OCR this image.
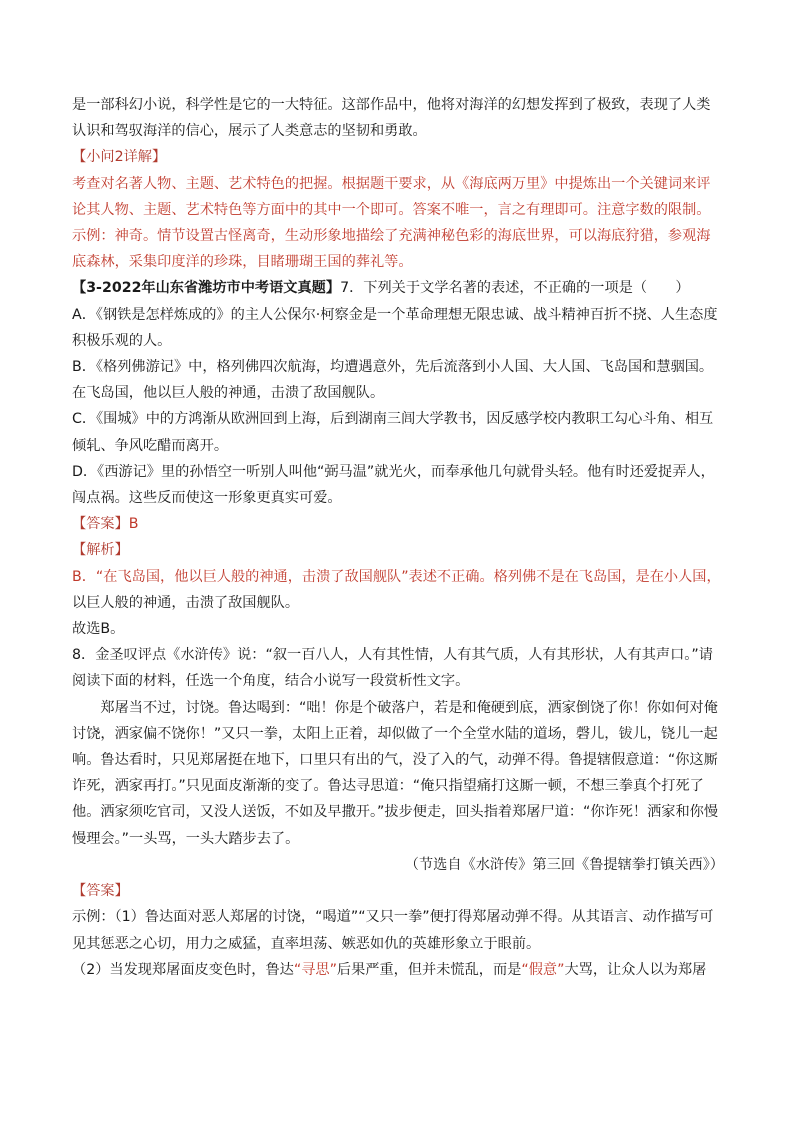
是一部科幻小说，科学性是它的一大特征。这部作品中，他将对海洋的幻想发挥到了极致，表现了人类认识和驾驭海洋的信心，展示了人类意志的坚韧和勇敢。

【小问2详解】

考查对名著人物、主题、艺术特色的把握。根据题干要求，从《海底两万里》中提炼出一个关键词来评论其人物、主题、艺术特色等方面中的其中一个即可。答案不唯一，言之有理即可。注意字数的限制。

示例：神奇。情节设置古怪离奇，生动形象地描绘了充满神秘色彩的海底世界，可以海底狩猎，参观海底森林，采集印度洋的珍珠，目睹珊瑚王国的葬礼等。

【3-2022年山东省潍坊市中考语文真题】7．下列关于文学名著的表述，不正确的一项是（　　）

A．《钢铁是怎样炼成的》的主人公保尔·柯察金是一个革命理想无限忠诚、战斗精神百折不挠、人生态度积极乐观的人。

B．《格列佛游记》中，格列佛四次航海，均遭遇意外，先后流落到小人国、大人国、飞岛国和慧骃国。在飞岛国，他以巨人般的神通，击溃了敌国舰队。

C．《围城》中的方鸿渐从欧洲回到上海，后到湖南三闾大学教书，因反感学校内教职工勾心斗角、相互倾轧、争风吃醋而离开。

D．《西游记》里的孙悟空一听别人叫他“弼马温”就光火，而奉承他几句就骨头轻。他有时还爱捉弄人，闯点祸。这些反而使这一形象更真实可爱。

【答案】B

【解析】

B．“在飞岛国，他以巨人般的神通，击溃了敌国舰队”表述不正确。格列佛不是在飞岛国，是在小人国，以巨人般的神通，击溃了敌国舰队。

故选B。

8．金圣叹评点《水浒传》说：“叙一百八人，人有其性情，人有其气质，人有其形状，人有其声口。”请阅读下面的材料，任选一个角度，结合小说写一段赏析性文字。

郑屠当不过，讨饶。鲁达喝到：“咄！你是个破落户，若是和俺硬到底，洒家倒饶了你！你如何对俺讨饶，洒家偏不饶你！”又只一拳，太阳上正着，却似做了一个全堂水陆的道场，磬儿，钹儿，铙儿一起响。鲁达看时，只见郑屠挺在地下，口里只有出的气，没了入的气，动弹不得。鲁提辖假意道：“你这厮诈死，洒家再打。”只见面皮渐渐的变了。鲁达寻思道：“俺只指望痛打这厮一顿，不想三拳真个打死了他。洒家须吃官司，又没人送饭，不如及早撒开。”拔步便走，回头指着郑屠尸道：“你诈死！洒家和你慢慢理会。”一头骂，一头大踏步去了。

（节选自《水浒传》第三回《鲁提辖拳打镇关西》）

【答案】

示例：（1）鲁达面对恶人郑屠的讨饶，“喝道”“又只一拳”便打得郑屠动弹不得。从其语言、动作描写可见其惩恶之心切，用力之威猛，直率坦荡、嫉恶如仇的英雄形象立于眼前。

（2）当发现郑屠面皮变色时，鲁达“寻思”后果严重，但并未慌乱，而是“假意”大骂，让众人以为郑屠
